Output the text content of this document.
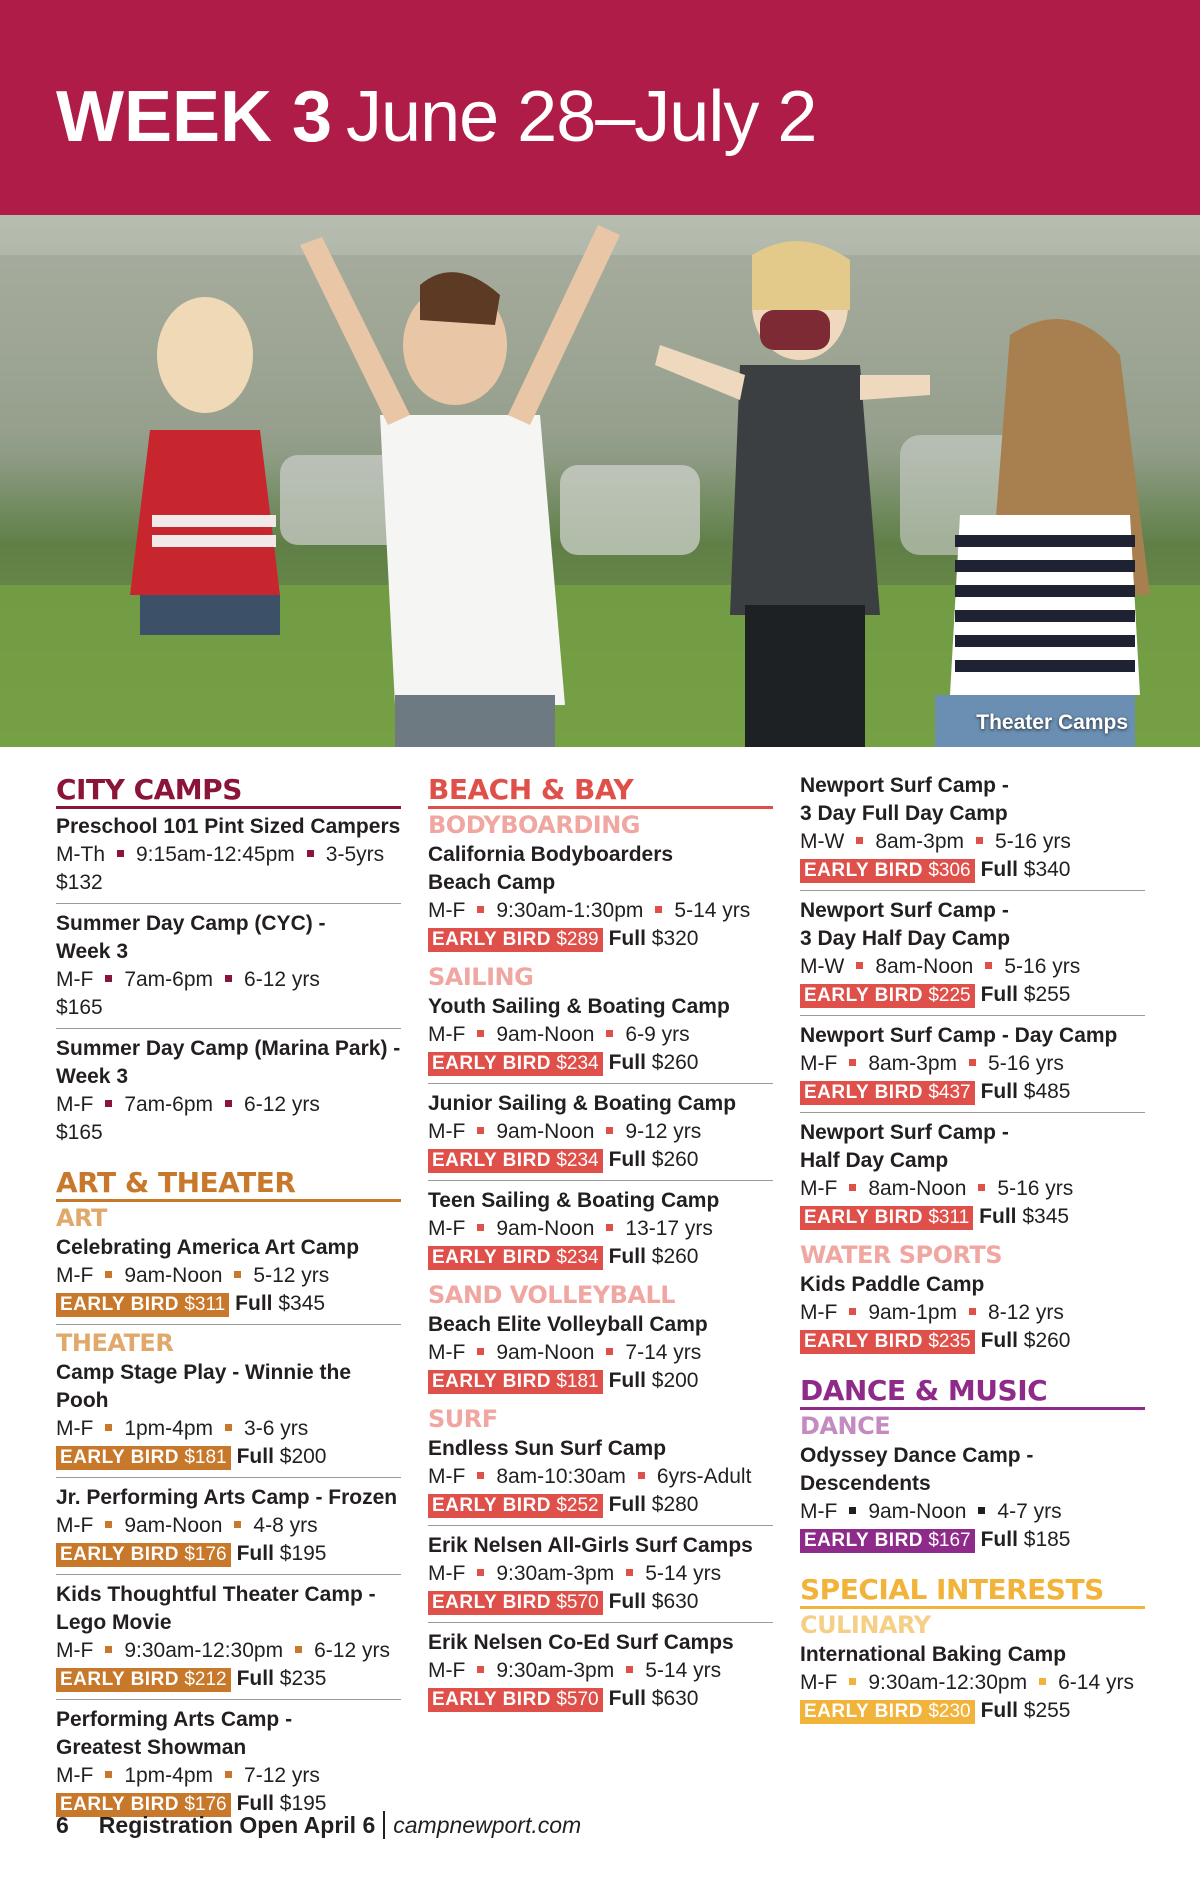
WEEK 3 June 28–July 2
Theater Camps
CITY CAMPS
Preschool 101 Pint Sized Campers
M-Th 9:15am-12:45pm 3-5yrs
$132
Summer Day Camp (CYC) -
Week 3
M-F 7am-6pm 6-12 yrs
$165
Summer Day Camp (Marina Park) -
Week 3
M-F 7am-6pm 6-12 yrs
$165
ART & THEATER
ART
Celebrating America Art Camp
M-F 9am-Noon 5-12 yrs
EARLY BIRD $311 Full $345
THEATER
Camp Stage Play - Winnie the
Pooh
M-F 1pm-4pm 3-6 yrs
EARLY BIRD $181 Full $200
Jr. Performing Arts Camp - Frozen
M-F 9am-Noon 4-8 yrs
EARLY BIRD $176 Full $195
Kids Thoughtful Theater Camp -
Lego Movie
M-F 9:30am-12:30pm 6-12 yrs
EARLY BIRD $212 Full $235
Performing Arts Camp -
Greatest Showman
M-F 1pm-4pm 7-12 yrs
EARLY BIRD $176 Full $195
BEACH & BAY
BODYBOARDING
California Bodyboarders
Beach Camp
M-F 9:30am-1:30pm 5-14 yrs
EARLY BIRD $289 Full $320
SAILING
Youth Sailing & Boating Camp
M-F 9am-Noon 6-9 yrs
EARLY BIRD $234 Full $260
Junior Sailing & Boating Camp
M-F 9am-Noon 9-12 yrs
EARLY BIRD $234 Full $260
Teen Sailing & Boating Camp
M-F 9am-Noon 13-17 yrs
EARLY BIRD $234 Full $260
SAND VOLLEYBALL
Beach Elite Volleyball Camp
M-F 9am-Noon 7-14 yrs
EARLY BIRD $181 Full $200
SURF
Endless Sun Surf Camp
M-F 8am-10:30am 6yrs-Adult
EARLY BIRD $252 Full $280
Erik Nelsen All-Girls Surf Camps
M-F 9:30am-3pm 5-14 yrs
EARLY BIRD $570 Full $630
Erik Nelsen Co-Ed Surf Camps
M-F 9:30am-3pm 5-14 yrs
EARLY BIRD $570 Full $630
Newport Surf Camp -
3 Day Full Day Camp
M-W 8am-3pm 5-16 yrs
EARLY BIRD $306 Full $340
Newport Surf Camp -
3 Day Half Day Camp
M-W 8am-Noon 5-16 yrs
EARLY BIRD $225 Full $255
Newport Surf Camp - Day Camp
M-F 8am-3pm 5-16 yrs
EARLY BIRD $437 Full $485
Newport Surf Camp -
Half Day Camp
M-F 8am-Noon 5-16 yrs
EARLY BIRD $311 Full $345
WATER SPORTS
Kids Paddle Camp
M-F 9am-1pm 8-12 yrs
EARLY BIRD $235 Full $260
DANCE & MUSIC
DANCE
Odyssey Dance Camp -
Descendents
M-F 9am-Noon 4-7 yrs
EARLY BIRD $167 Full $185
SPECIAL INTERESTS
CULINARY
International Baking Camp
M-F 9:30am-12:30pm 6-14 yrs
EARLY BIRD $230 Full $255
6 Registration Open April 6 campnewport.com
